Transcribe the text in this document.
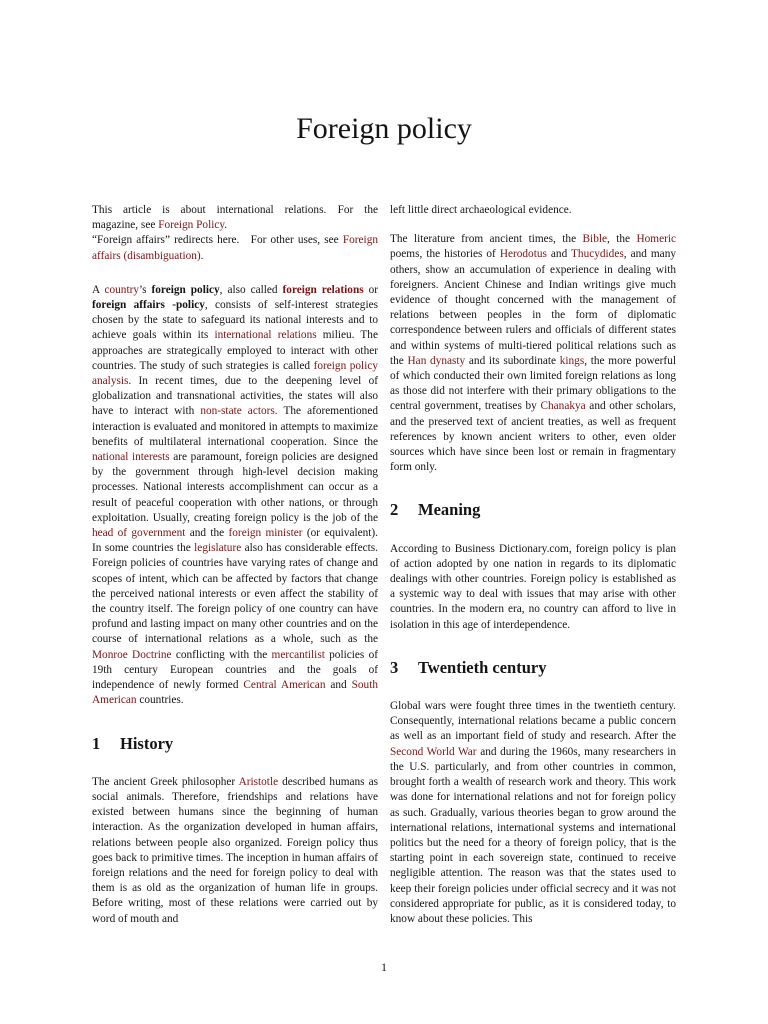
Foreign policy

This article is about international relations. For the magazine, see Foreign Policy.

“Foreign affairs” redirects here. For other uses, see Foreign affairs (disambiguation).

A country’s foreign policy, also called foreign relations or foreign affairs -policy, consists of self-interest strategies chosen by the state to safeguard its national interests and to achieve goals within its international relations milieu. The approaches are strategically employed to interact with other countries. The study of such strategies is called foreign policy analysis. In recent times, due to the deepening level of globalization and transnational activities, the states will also have to interact with non-state actors. The aforementioned interaction is evaluated and monitored in attempts to maximize benefits of multilateral international cooperation. Since the national interests are paramount, foreign policies are designed by the government through high-level decision making processes. National interests accomplishment can occur as a result of peaceful cooperation with other nations, or through exploitation. Usually, creating foreign policy is the job of the head of government and the foreign minister (or equivalent). In some countries the legislature also has considerable effects. Foreign policies of countries have varying rates of change and scopes of intent, which can be affected by factors that change the perceived national interests or even affect the stability of the country itself. The foreign policy of one country can have profund and lasting impact on many other countries and on the course of international relations as a whole, such as the Monroe Doctrine conflicting with the mercantilist policies of 19th century European countries and the goals of independence of newly formed Central American and South American countries.

1	History

The ancient Greek philosopher Aristotle described humans as social animals. Therefore, friendships and relations have existed between humans since the beginning of human interaction. As the organization developed in human affairs, relations between people also organized. Foreign policy thus goes back to primitive times. The inception in human affairs of foreign relations and the need for foreign policy to deal with them is as old as the organization of human life in groups. Before writing, most of these relations were carried out by word of mouth and

left little direct archaeological evidence.

The literature from ancient times, the Bible, the Homeric poems, the histories of Herodotus and Thucydides, and many others, show an accumulation of experience in dealing with foreigners. Ancient Chinese and Indian writings give much evidence of thought concerned with the management of relations between peoples in the form of diplomatic correspondence between rulers and officials of different states and within systems of multi-tiered political relations such as the Han dynasty and its subordinate kings, the more powerful of which conducted their own limited foreign relations as long as those did not interfere with their primary obligations to the central government, treatises by Chanakya and other scholars, and the preserved text of ancient treaties, as well as frequent references by known ancient writers to other, even older sources which have since been lost or remain in fragmentary form only.

2	Meaning

According to Business Dictionary.com, foreign policy is plan of action adopted by one nation in regards to its diplomatic dealings with other countries. Foreign policy is established as a systemic way to deal with issues that may arise with other countries. In the modern era, no country can afford to live in isolation in this age of interdependence.

3	Twentieth century

Global wars were fought three times in the twentieth century. Consequently, international relations became a public concern as well as an important field of study and research. After the Second World War and during the 1960s, many researchers in the U.S. particularly, and from other countries in common, brought forth a wealth of research work and theory. This work was done for international relations and not for foreign policy as such. Gradually, various theories began to grow around the international relations, international systems and international politics but the need for a theory of foreign policy, that is the starting point in each sovereign state, continued to receive negligible attention. The reason was that the states used to keep their foreign policies under official secrecy and it was not considered appropriate for public, as it is considered today, to know about these policies. This

1
